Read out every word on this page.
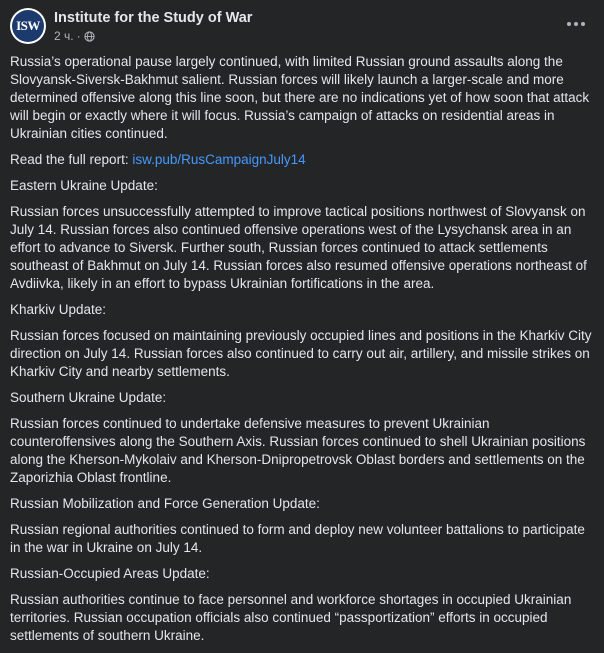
ISW Institute for the Study of War
2 ч. ·

Russia’s operational pause largely continued, with limited Russian ground assaults along the Slovyansk-Siversk-Bakhmut salient. Russian forces will likely launch a larger-scale and more determined offensive along this line soon, but there are no indications yet of how soon that attack will begin or exactly where it will focus. Russia’s campaign of attacks on residential areas in Ukrainian cities continued.

Read the full report: isw.pub/RusCampaignJuly14

Eastern Ukraine Update:

Russian forces unsuccessfully attempted to improve tactical positions northwest of Slovyansk on July 14. Russian forces also continued offensive operations west of the Lysychansk area in an effort to advance to Siversk. Further south, Russian forces continued to attack settlements southeast of Bakhmut on July 14. Russian forces also resumed offensive operations northeast of Avdiivka, likely in an effort to bypass Ukrainian fortifications in the area.

Kharkiv Update:

Russian forces focused on maintaining previously occupied lines and positions in the Kharkiv City direction on July 14. Russian forces also continued to carry out air, artillery, and missile strikes on Kharkiv City and nearby settlements.

Southern Ukraine Update:

Russian forces continued to undertake defensive measures to prevent Ukrainian counteroffensives along the Southern Axis. Russian forces continued to shell Ukrainian positions along the Kherson-Mykolaiv and Kherson-Dnipropetrovsk Oblast borders and settlements on the Zaporizhia Oblast frontline.

Russian Mobilization and Force Generation Update:

Russian regional authorities continued to form and deploy new volunteer battalions to participate in the war in Ukraine on July 14.

Russian-Occupied Areas Update:

Russian authorities continue to face personnel and workforce shortages in occupied Ukrainian territories. Russian occupation officials also continued “passportization” efforts in occupied settlements of southern Ukraine.
